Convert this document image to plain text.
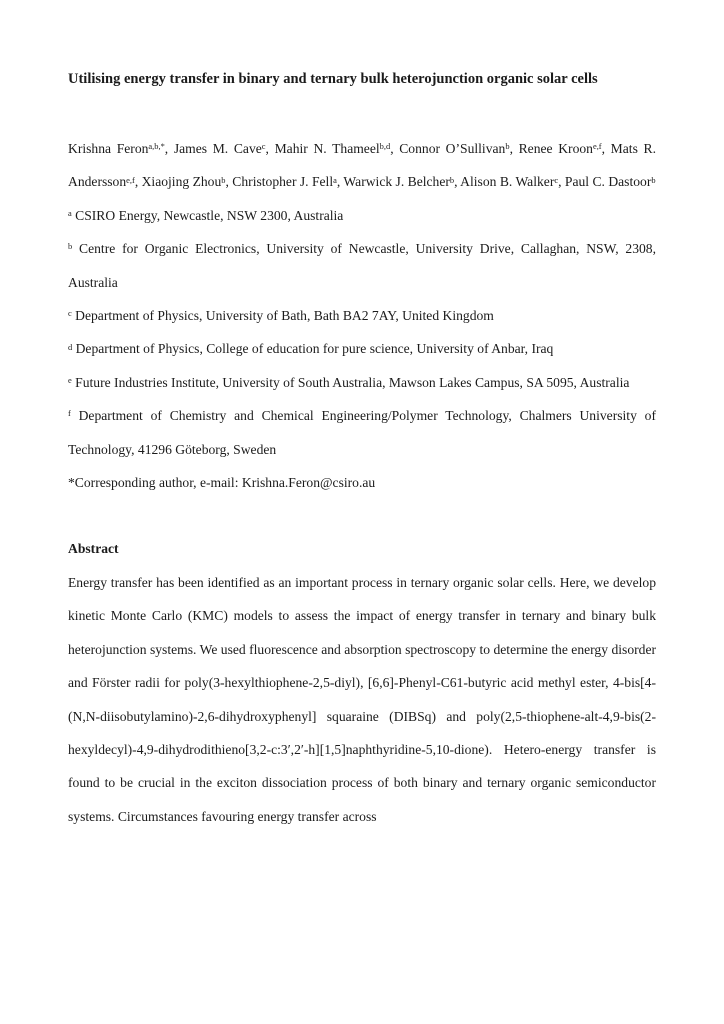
Utilising energy transfer in binary and ternary bulk heterojunction organic solar cells

Krishna Feron$^{a,b,*}$, James M. Cave$^c$, Mahir N. Thameel$^{b,d}$, Connor O’Sullivan$^b$, Renee Kroon$^{e,f}$, Mats R. Andersson$^{e,f}$, Xiaojing Zhou$^b$, Christopher J. Fell$^a$, Warwick J. Belcher$^b$, Alison B. Walker$^c$, Paul C. Dastoor$^b$

$^a$ CSIRO Energy, Newcastle, NSW 2300, Australia

$^b$ Centre for Organic Electronics, University of Newcastle, University Drive, Callaghan, NSW, 2308, Australia

$^c$ Department of Physics, University of Bath, Bath BA2 7AY, United Kingdom

$^d$ Department of Physics, College of education for pure science, University of Anbar, Iraq

$^e$ Future Industries Institute, University of South Australia, Mawson Lakes Campus, SA 5095, Australia

$^f$ Department of Chemistry and Chemical Engineering/Polymer Technology, Chalmers University of Technology, 41296 Göteborg, Sweden

*Corresponding author, e-mail: Krishna.Feron@csiro.au

Abstract

Energy transfer has been identified as an important process in ternary organic solar cells. Here, we develop kinetic Monte Carlo (KMC) models to assess the impact of energy transfer in ternary and binary bulk heterojunction systems. We used fluorescence and absorption spectroscopy to determine the energy disorder and Förster radii for poly(3-hexylthiophene-2,5-diyl), [6,6]-Phenyl-C61-butyric acid methyl ester, 4-bis[4-(N,N-diisobutylamino)-2,6-dihydroxyphenyl] squaraine (DIBSq) and poly(2,5-thiophene-alt-4,9-bis(2-hexyldecyl)-4,9-dihydrodithieno[3,2-c:3′,2′-h][1,5]naphthyridine-5,10-dione). Hetero-energy transfer is found to be crucial in the exciton dissociation process of both binary and ternary organic semiconductor systems. Circumstances favouring energy transfer across
